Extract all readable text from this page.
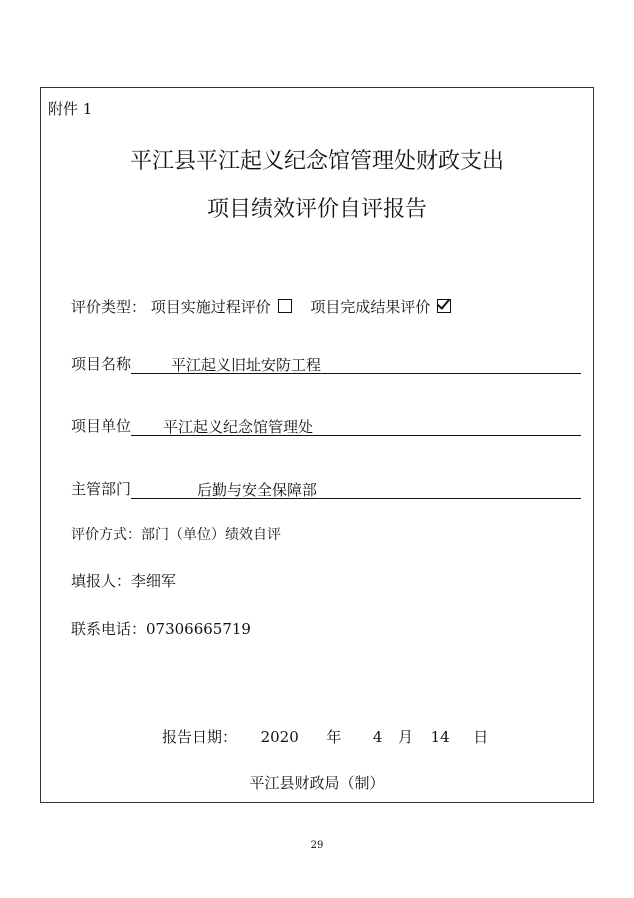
附件 1
平江县平江起义纪念馆管理处财政支出
项目绩效评价自评报告
评价类型： 项目实施过程评价	项目完成结果评价
项目名称	平江起义旧址安防工程
项目单位	平江起义纪念馆管理处
主管部门	后勤与安全保障部
评价方式：部门（单位）绩效自评
填报人：李细军
联系电话：07306665719
报告日期： 2020 年 4 月 14 日
平江县财政局（制）
29
